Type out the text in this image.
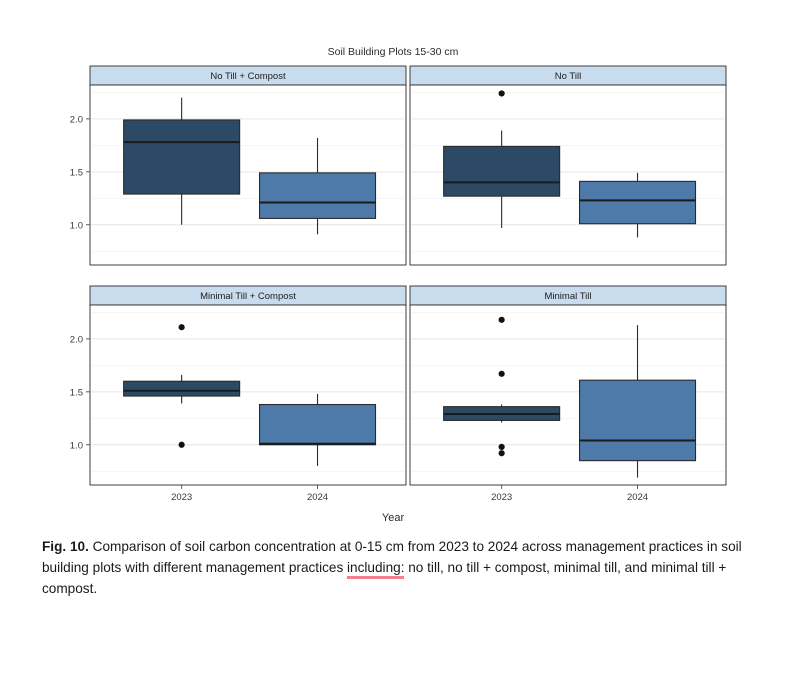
Soil Building Plots 15-30 cm
Year
No Till + Compost
1.0
1.5
2.0
No Till
Minimal Till + Compost
1.0
1.5
2.0
2023	2024
Minimal Till
2023	2024
Fig. 10. Comparison of soil carbon concentration at 0-15 cm from 2023 to 2024 across management practices in soil building plots with different management practices including: no till, no till + compost, minimal till, and minimal till + compost.
